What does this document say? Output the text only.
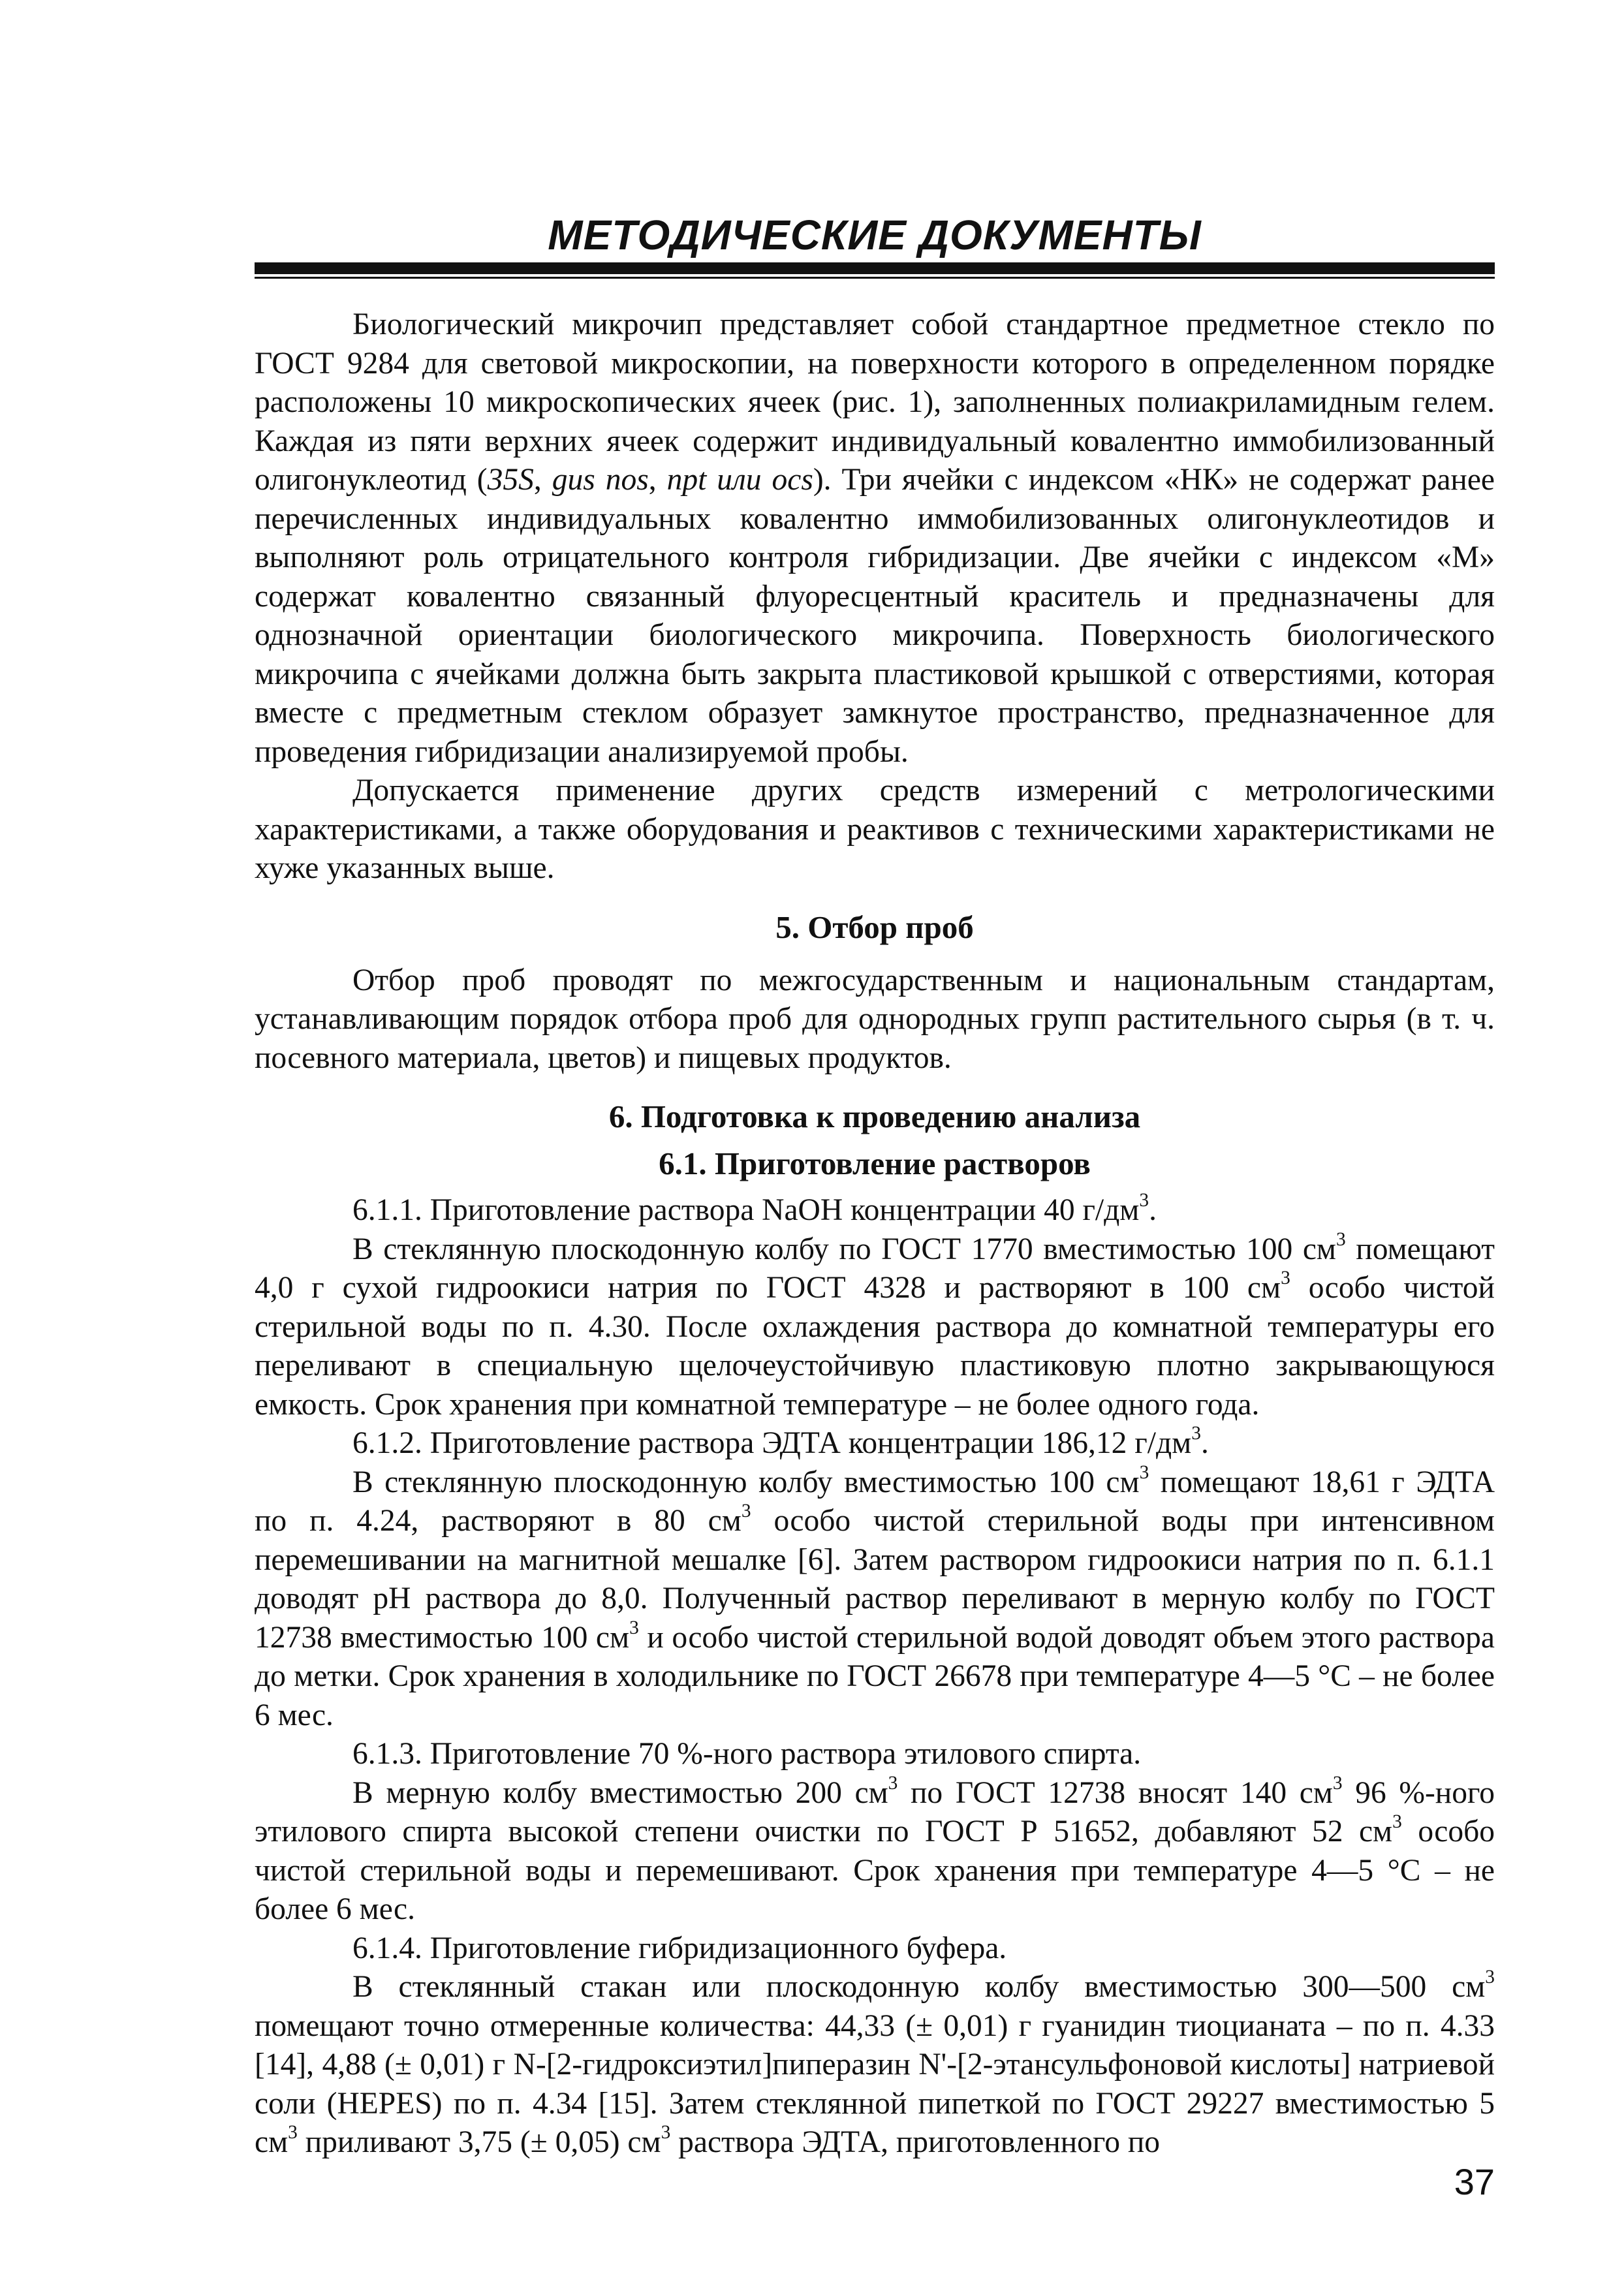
МЕТОДИЧЕСКИЕ ДОКУМЕНТЫ

Биологический микрочип представляет собой стандартное предметное стекло по ГОСТ 9284 для световой микроскопии, на поверхности которого в определенном порядке расположены 10 микроскопических ячеек (рис. 1), заполненных полиакриламидным гелем. Каждая из пяти верхних ячеек содержит индивидуальный ковалентно иммобилизованный олигонуклеотид (35S, gus nos, npt или ocs). Три ячейки с индексом «НК» не содержат ранее перечисленных индивидуальных ковалентно иммобилизованных олигонуклеотидов и выполняют роль отрицательного контроля гибридизации. Две ячейки с индексом «М» содержат ковалентно связанный флуоресцентный краситель и предназначены для однозначной ориентации биологического микрочипа. Поверхность биологического микрочипа с ячейками должна быть закрыта пластиковой крышкой с отверстиями, которая вместе с предметным стеклом образует замкнутое пространство, предназначенное для проведения гибридизации анализируемой пробы.

Допускается применение других средств измерений с метрологическими характеристиками, а также оборудования и реактивов с техническими характеристиками не хуже указанных выше.

5. Отбор проб

Отбор проб проводят по межгосударственным и национальным стандартам, устанавливающим порядок отбора проб для однородных групп растительного сырья (в т. ч. посевного материала, цветов) и пищевых продуктов.

6. Подготовка к проведению анализа
6.1. Приготовление растворов

6.1.1. Приготовление раствора NaOH концентрации 40 $г/дм^3$.

В стеклянную плоскодонную колбу по ГОСТ 1770 вместимостью 100 $см^3$ помещают 4,0 г сухой гидроокиси натрия по ГОСТ 4328 и растворяют в 100 $см^3$ особо чистой стерильной воды по п. 4.30. После охлаждения раствора до комнатной температуры его переливают в специальную щелочеустойчивую пластиковую плотно закрывающуюся емкость. Срок хранения при комнатной температуре – не более одного года.

6.1.2. Приготовление раствора ЭДТА концентрации 186,12 $г/дм^3$.

В стеклянную плоскодонную колбу вместимостью 100 $см^3$ помещают 18,61 г ЭДТА по п. 4.24, растворяют в 80 $см^3$ особо чистой стерильной воды при интенсивном перемешивании на магнитной мешалке [6]. Затем раствором гидроокиси натрия по п. 6.1.1 доводят pH раствора до 8,0. Полученный раствор переливают в мерную колбу по ГОСТ 12738 вместимостью 100 $см^3$ и особо чистой стерильной водой доводят объем этого раствора до метки. Срок хранения в холодильнике по ГОСТ 26678 при температуре 4—5 °С – не более 6 мес.

6.1.3. Приготовление 70 %-ного раствора этилового спирта.

В мерную колбу вместимостью 200 $см^3$ по ГОСТ 12738 вносят 140 $см^3$ 96 %-ного этилового спирта высокой степени очистки по ГОСТ Р 51652, добавляют 52 $см^3$ особо чистой стерильной воды и перемешивают. Срок хранения при температуре 4—5 °С – не более 6 мес.

6.1.4. Приготовление гибридизационного буфера.

В стеклянный стакан или плоскодонную колбу вместимостью 300—500 $см^3$ помещают точно отмеренные количества: 44,33 (± 0,01) г гуанидин тиоцианата – по п. 4.33 [14], 4,88 (± 0,01) г N-[2-гидроксиэтил]пиперазин N'-[2-этансульфоновой кислоты] натриевой соли (HEPES) по п. 4.34 [15]. Затем стеклянной пипеткой по ГОСТ 29227 вместимостью 5 $см^3$ приливают 3,75 (± 0,05) $см^3$ раствора ЭДТА, приготовленного по

37
